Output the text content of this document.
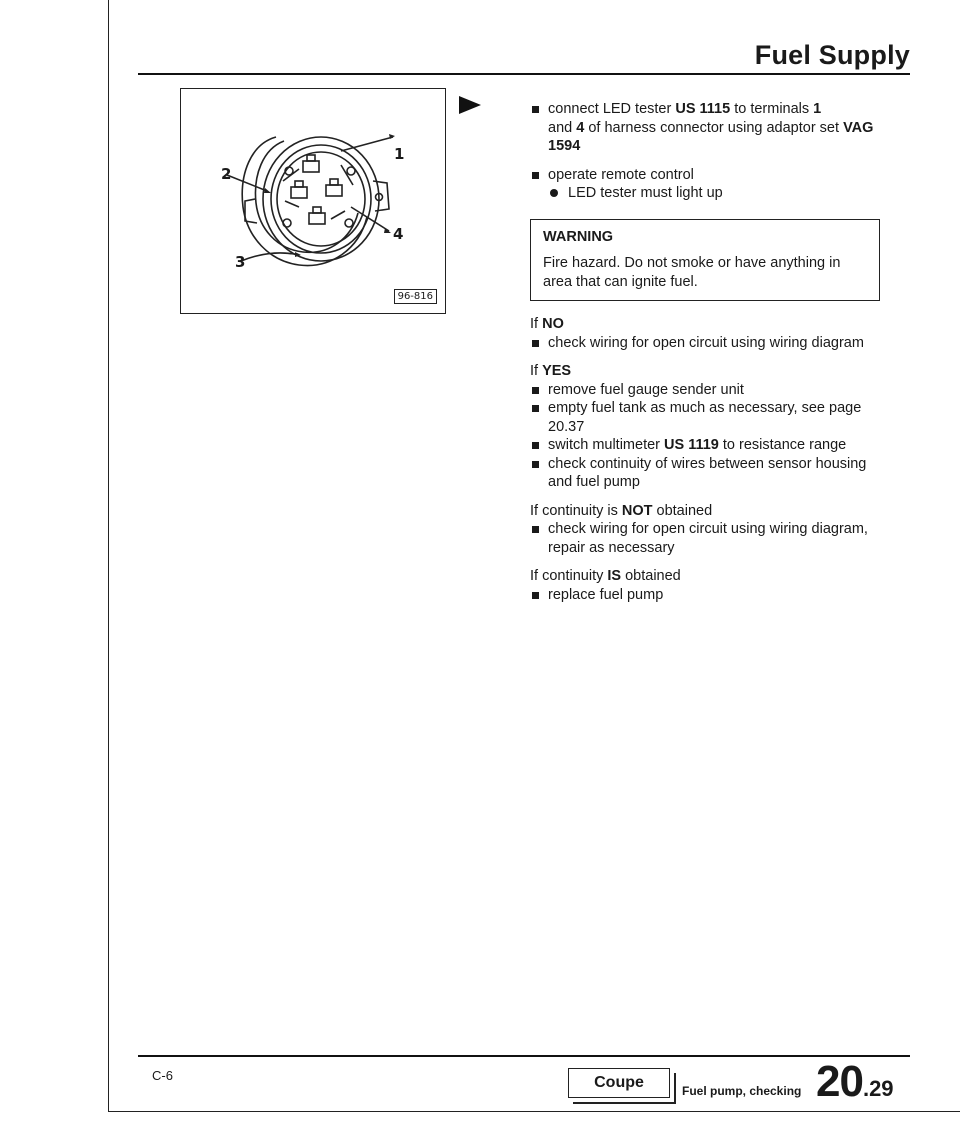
Fuel Supply
1
2
3
4
96-816
connect LED tester US 1115 to terminals 1
and 4 of harness connector using adaptor set VAG 1594
operate remote control
LED tester must light up
WARNING
Fire hazard. Do not smoke or have anything in area that can ignite fuel.
If NO
check wiring for open circuit using wiring diagram
If YES
remove fuel gauge sender unit
empty fuel tank as much as necessary, see page 20.37
switch multimeter US 1119 to resistance range
check continuity of wires between sensor housing and fuel pump
If continuity is NOT obtained
check wiring for open circuit using wiring diagram, repair as necessary
If continuity IS obtained
replace fuel pump
C-6	Coupe	Fuel pump, checking 20.29
